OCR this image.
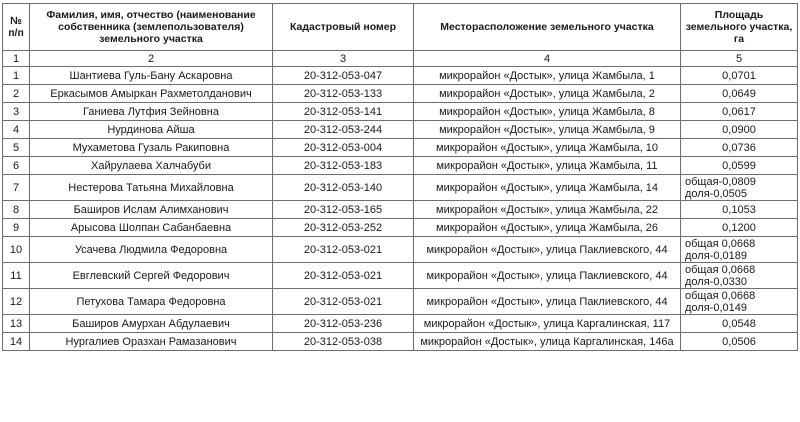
№ п/п	Фамилия, имя, отчество (наименование собственника (землепользователя) земельного участка	Кадастровый номер	Месторасположение земельного участка	Площадь земельного участка, га
1	2	3	4	5
1	Шантиева Гуль-Бану Аскаровна	20-312-053-047	микрорайон «Достык», улица Жамбыла, 1	0,0701

2	Еркасымов Амыркан Рахметолданович	20-312-053-133	микрорайон «Достык», улица Жамбыла, 2	0,0649

3	Ганиева Лутфия Зейновна	20-312-053-141	микрорайон «Достык», улица Жамбыла, 8	0,0617

4	Нурдинова Айша	20-312-053-244	микрорайон «Достык», улица Жамбыла, 9	0,0900

5	Мухаметова Гузаль Ракиповна	20-312-053-004	микрорайон «Достык», улица Жамбыла, 10	0,0736

6	Хайрулаева Халчабуби	20-312-053-183	микрорайон «Достык», улица Жамбыла, 11	0,0599

7	Нестерова Татьяна Михайловна	20-312-053-140	микрорайон «Достык», улица Жамбыла, 14	общая-0,0809
доля-0,0505

8	Баширов Ислам Алимханович	20-312-053-165	микрорайон «Достык», улица Жамбыла, 22	0,1053

9	Арысова Шолпан Сабанбаевна	20-312-053-252	микрорайон «Достык», улица Жамбыла, 26	0,1200

10	Усачева Людмила Федоровна	20-312-053-021	микрорайон «Достык», улица Паклиевского, 44	общая 0,0668
доля-0,0189

11	Евглевский Сергей Федорович	20-312-053-021	микрорайон «Достык», улица Паклиевского, 44	общая 0,0668
доля-0,0330

12	Петухова Тамара Федоровна	20-312-053-021	микрорайон «Достык», улица Паклиевского, 44	общая 0,0668
доля-0,0149

13	Баширов Амурхан Абдулаевич	20-312-053-236	микрорайон «Достык», улица Каргалинская, 117	0,0548

14	Нургалиев Оразхан Рамазанович	20-312-053-038	микрорайон «Достык», улица Каргалинская, 146а	0,0506
